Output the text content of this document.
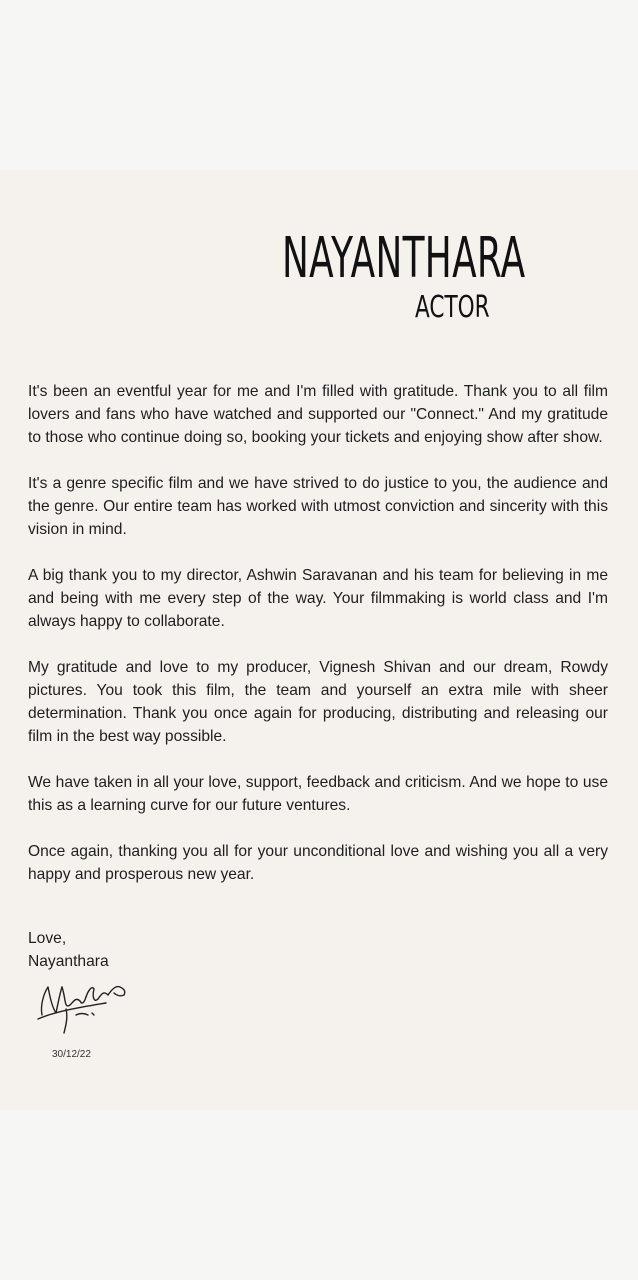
NAYANTHARA
ACTOR

It's been an eventful year for me and I'm filled with gratitude. Thank you to all film lovers and fans who have watched and supported our "Connect." And my gratitude to those who continue doing so, booking your tickets and enjoying show after show.

It's a genre specific film and we have strived to do justice to you, the audience and the genre. Our entire team has worked with utmost conviction and sincerity with this vision in mind.

A big thank you to my director, Ashwin Saravanan and his team for believing in me and being with me every step of the way. Your filmmaking is world class and I'm always happy to collaborate.

My gratitude and love to my producer, Vignesh Shivan and our dream, Rowdy pictures. You took this film, the team and yourself an extra mile with sheer determination. Thank you once again for producing, distributing and releasing our film in the best way possible.

We have taken in all your love, support, feedback and criticism. And we hope to use this as a learning curve for our future ventures.

Once again, thanking you all for your unconditional love and wishing you all a very happy and prosperous new year.

Love,
Nayanthara
30/12/22
